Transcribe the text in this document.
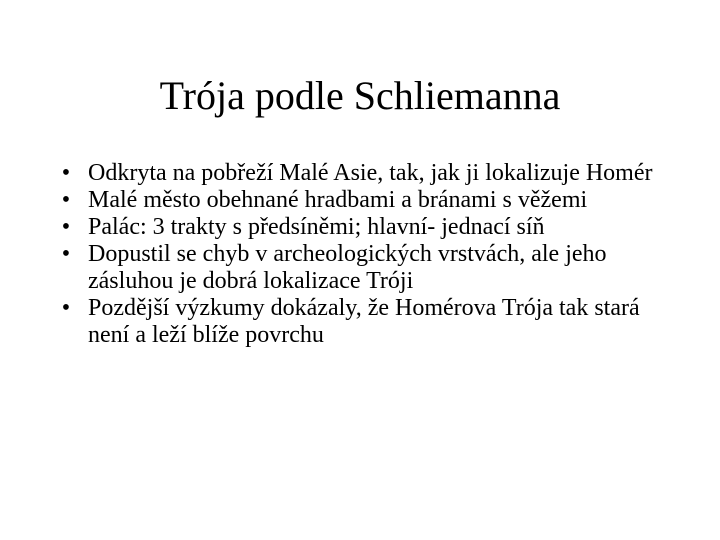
Trója podle Schliemanna
• Odkryta na pobřeží Malé Asie, tak, jak ji lokalizuje Homér
• Malé město obehnané hradbami a bránami s věžemi
• Palác: 3 trakty s předsíněmi; hlavní- jednací síň
• Dopustil se chyb v archeologických vrstvách, ale jeho zásluhou je dobrá lokalizace Tróji
• Pozdější výzkumy dokázaly, že Homérova Trója tak stará není a leží blíže povrchu
